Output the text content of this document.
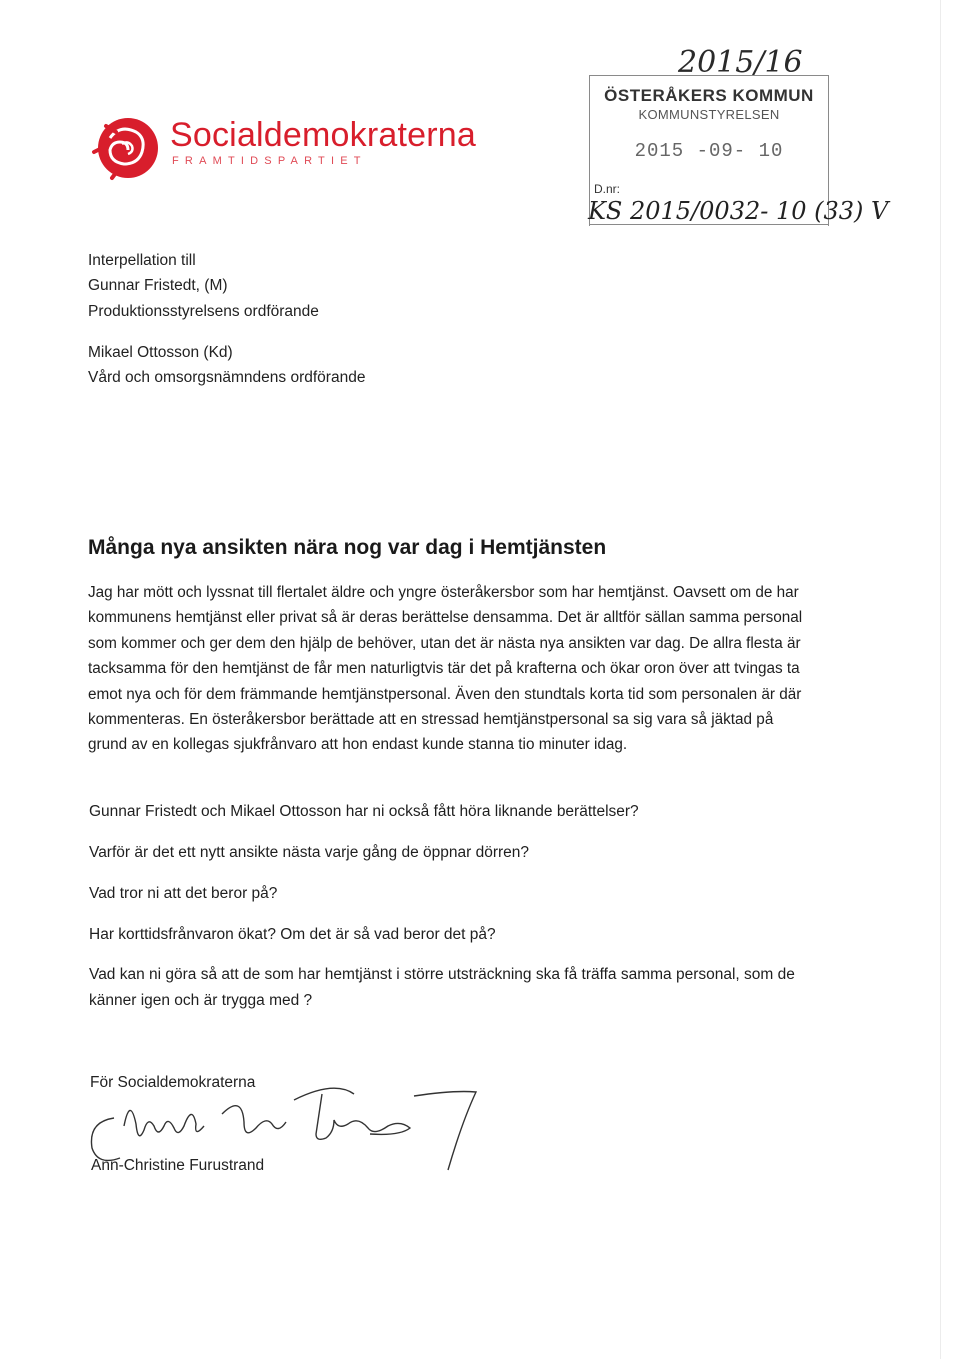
Socialdemokraterna
FRAMTIDSPARTIET
2015/16
ÖSTERÅKERS KOMMUN
KOMMUNSTYRELSEN
2015 -09- 10
D.nr:
KS 2015/0032- 10 (33) V
Interpellation till
Gunnar Fristedt, (M)
Produktionsstyrelsens ordförande
Mikael Ottosson (Kd)
Vård och omsorgsnämndens ordförande
Många nya ansikten nära nog var dag i Hemtjänsten

Jag har mött och lyssnat till flertalet äldre och yngre österåkersbor som har hemtjänst. Oavsett om de har kommunens hemtjänst eller privat så är deras berättelse densamma. Det är alltför sällan samma personal som kommer och ger dem den hjälp de behöver, utan det är nästa nya ansikten var dag. De allra flesta är tacksamma för den hemtjänst de får men naturligtvis tär det på krafterna och ökar oron över att tvingas ta emot nya och för dem främmande hemtjänstpersonal. Även den stundtals korta tid som personalen är där kommenteras. En österåkersbor berättade att en stressad hemtjänstpersonal sa sig vara så jäktad på grund av en kollegas sjukfrånvaro att hon endast kunde stanna tio minuter idag.

Gunnar Fristedt och Mikael Ottosson har ni också fått höra liknande berättelser?

Varför är det ett nytt ansikte nästa varje gång de öppnar dörren?

Vad tror ni att det beror på?

Har korttidsfrånvaron ökat? Om det är så vad beror det på?

Vad kan ni göra så att de som har hemtjänst i större utsträckning ska få träffa samma personal, som de känner igen och är trygga med ?

För Socialdemokraterna
Ann-Christine Furustrand
